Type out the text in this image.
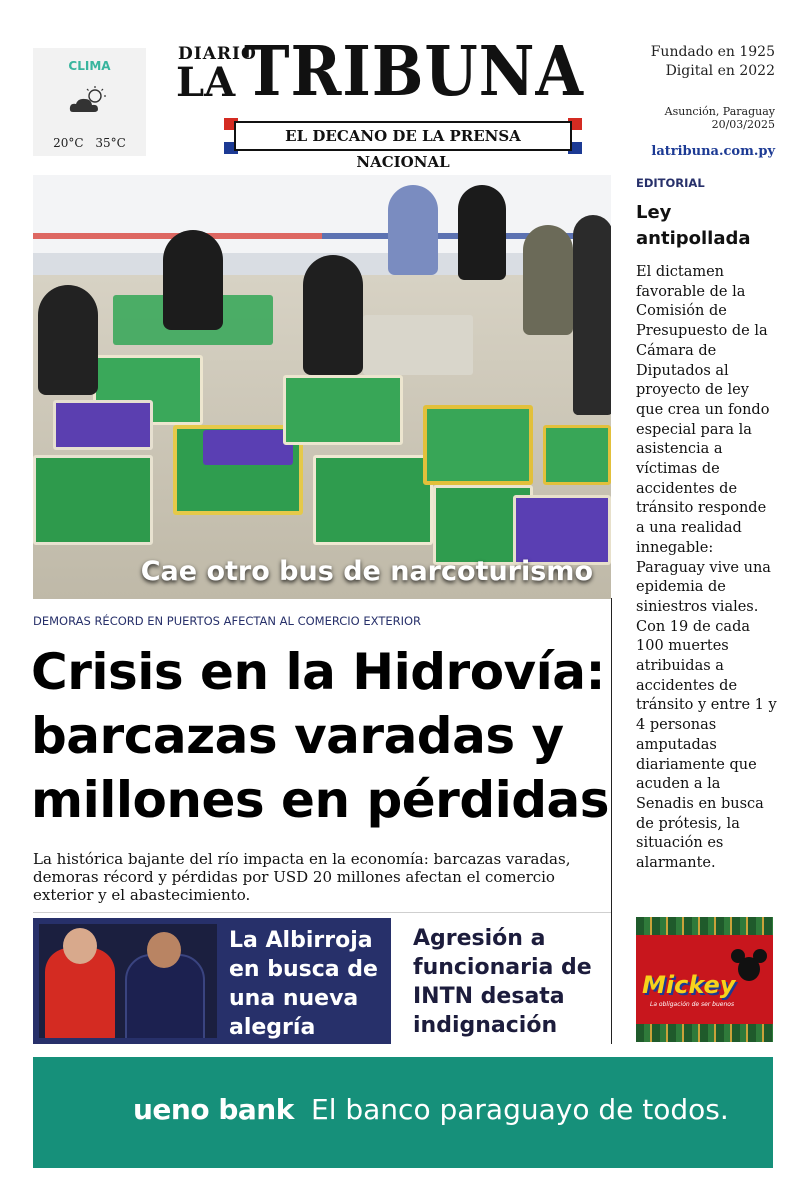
CLIMA
20°C 35°C
DIARIO
LA TRIBUNA
EL DECANO DE LA PRENSA NACIONAL
Fundado en 1925
Digital en 2022
Asunción, Paraguay
20/03/2025
latribuna.com.py
Cae otro bus de narcoturismo
DEMORAS RÉCORD EN PUERTOS AFECTAN AL COMERCIO EXTERIOR
Crisis en la Hidrovía: barcazas varadas y millones en pérdidas
La histórica bajante del río impacta en la economía: barcazas varadas, demoras récord y pérdidas por USD 20 millones afectan el comercio exterior y el abastecimiento.
La Albirroja en busca de una nueva alegría
Agresión a funcionaria de INTN desata indignación
EDITORIAL
Ley antipollada
El dictamen favorable de la Comisión de Presupuesto de la Cámara de Diputados al proyecto de ley que crea un fondo especial para la asistencia a víctimas de accidentes de tránsito responde a una realidad innegable: Paraguay vive una epidemia de siniestros viales. Con 19 de cada 100 muertes atribuidas a accidentes de tránsito y entre 1 y 4 personas amputadas diariamente que acuden a la Senadis en busca de prótesis, la situación es alarmante.
Mickey
La obligación de ser buenos
ueno bank El banco paraguayo de todos.
